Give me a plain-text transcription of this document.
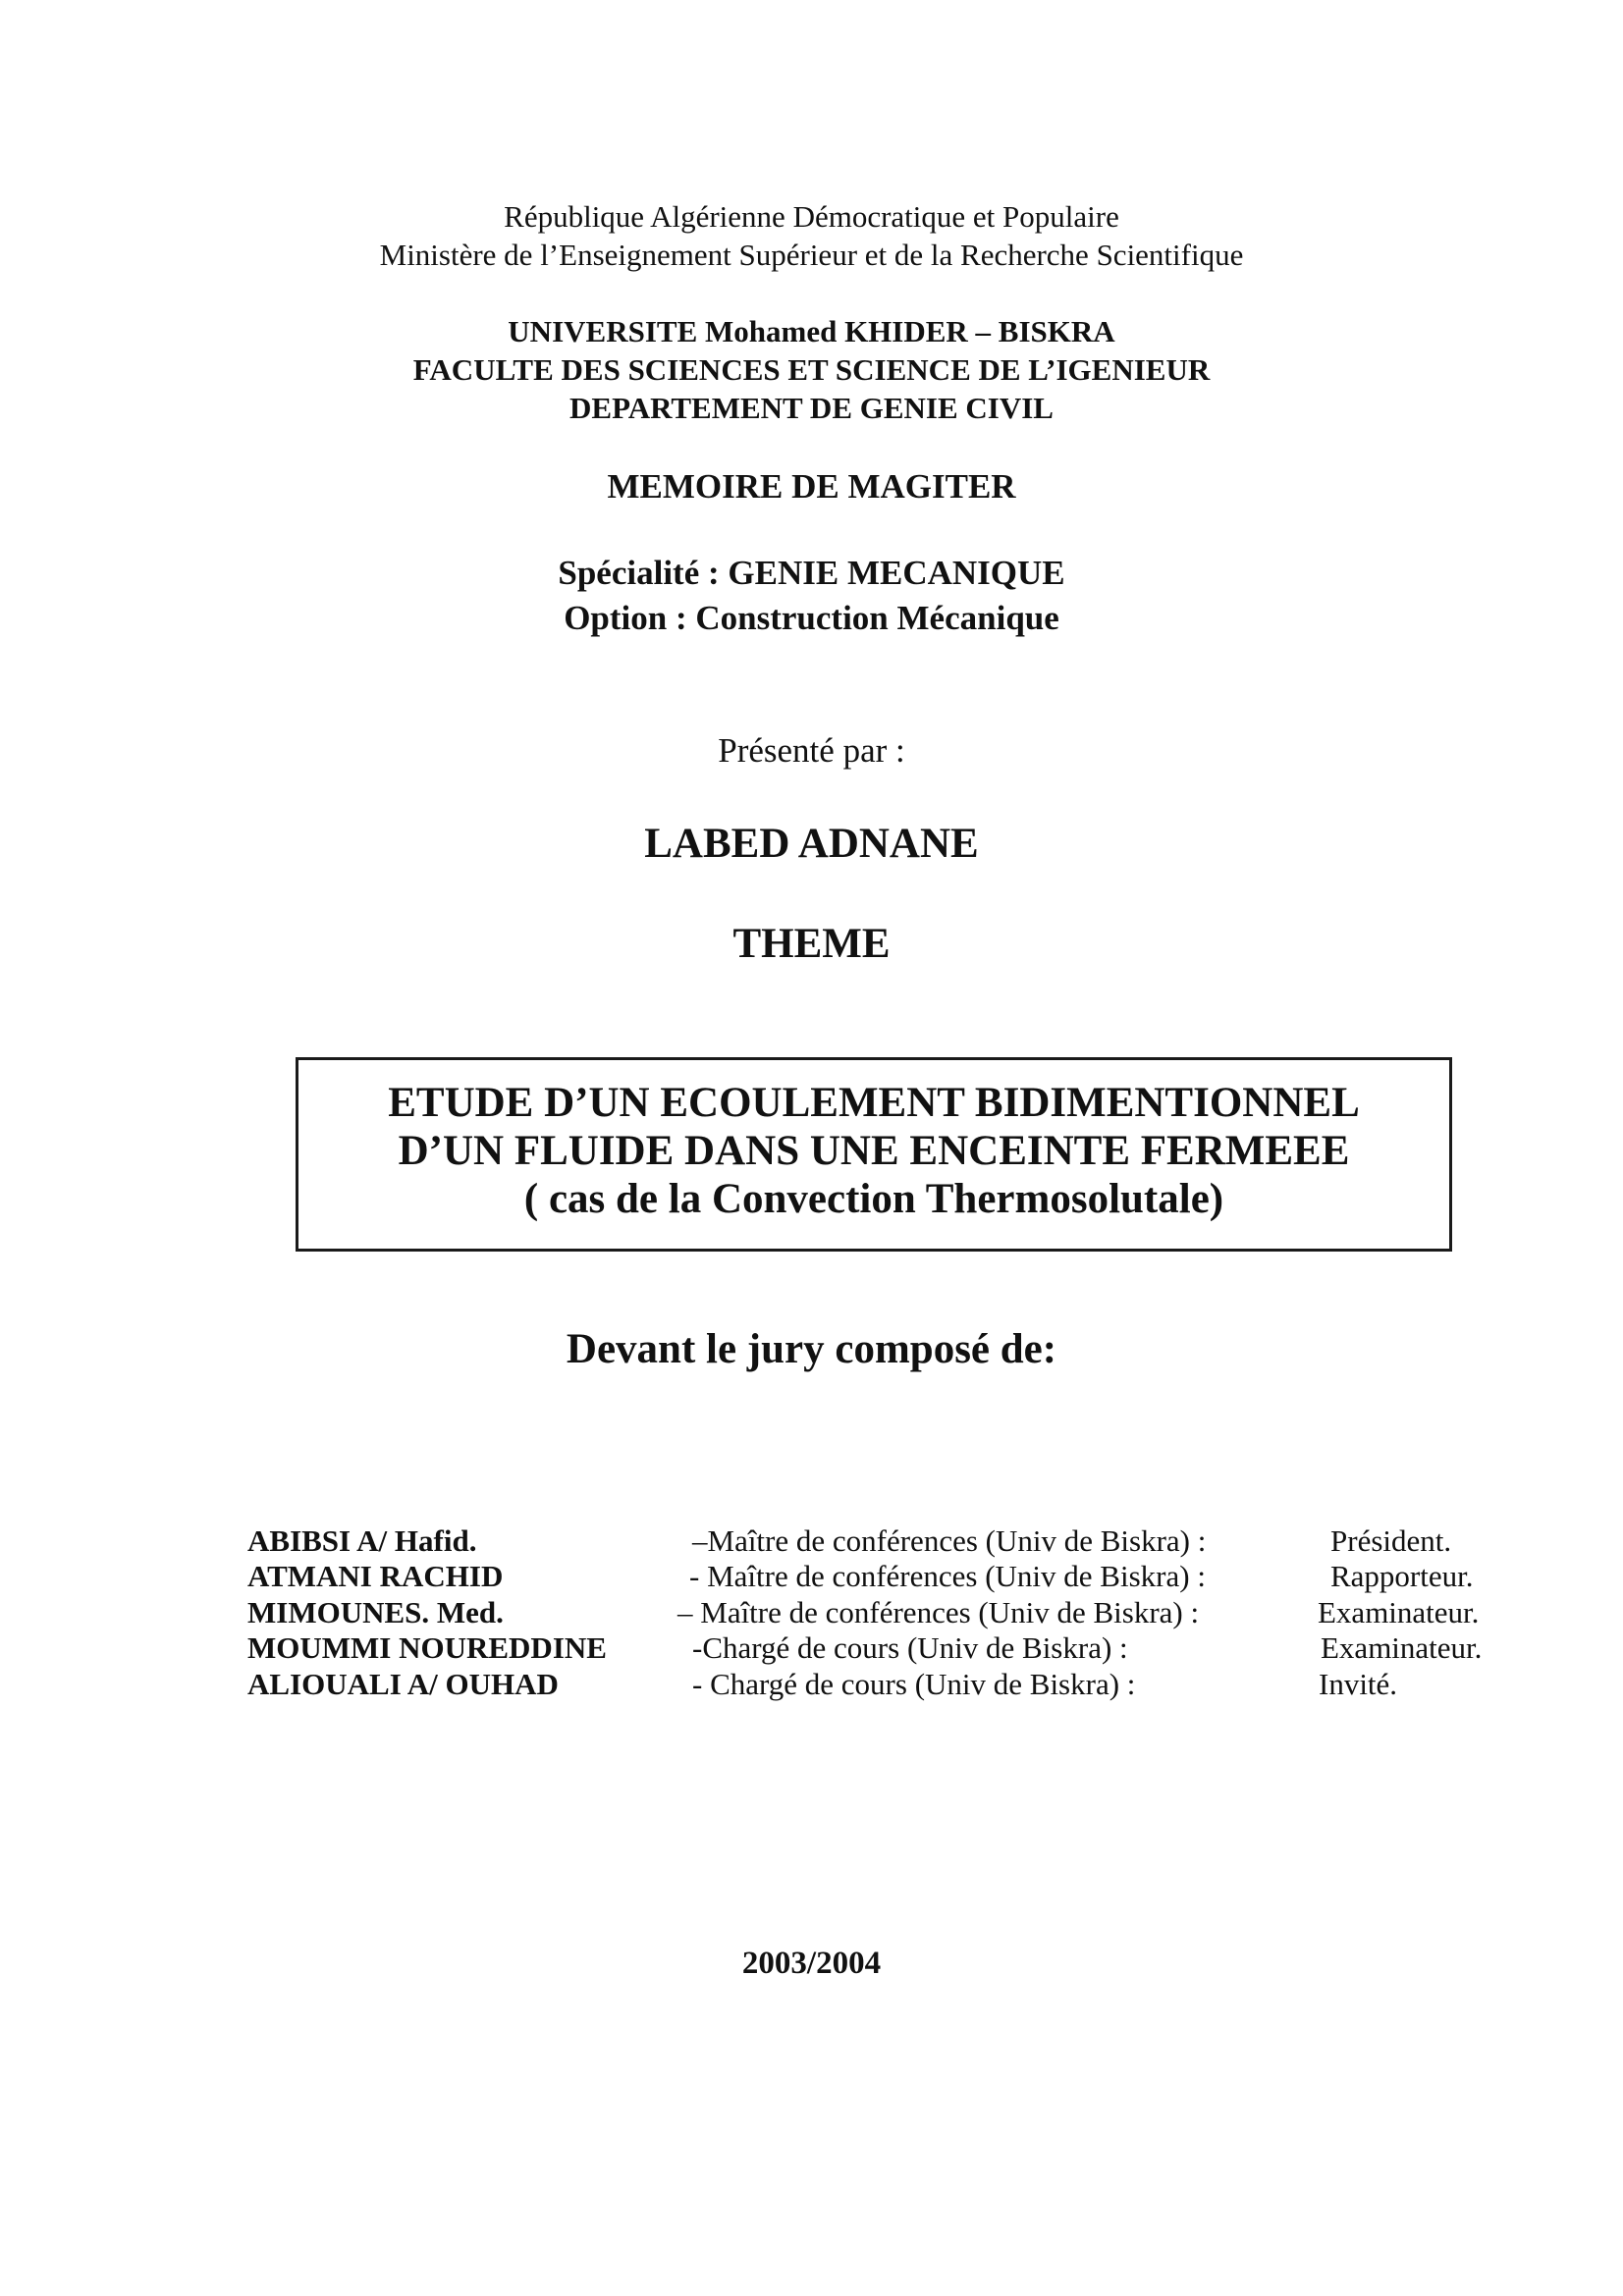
République Algérienne Démocratique et Populaire
Ministère de l’Enseignement Supérieur et de la Recherche Scientifique
UNIVERSITE Mohamed KHIDER – BISKRA
FACULTE DES SCIENCES ET SCIENCE DE L’IGENIEUR
DEPARTEMENT DE GENIE CIVIL
MEMOIRE DE MAGITER
Spécialité : GENIE MECANIQUE
Option : Construction Mécanique
Présenté par :
LABED ADNANE
THEME
ETUDE D’UN ECOULEMENT BIDIMENTIONNEL
D’UN FLUIDE DANS UNE ENCEINTE FERMEEE
( cas de la Convection Thermosolutale)
Devant le jury composé de:
ABIBSI A/ Hafid.	–Maître de conférences (Univ de Biskra) :	Président.
ATMANI RACHID	- Maître de conférences (Univ de Biskra) :	Rapporteur.
MIMOUNES. Med.	– Maître de conférences (Univ de Biskra) :	Examinateur.
MOUMMI NOUREDDINE	-Chargé de cours (Univ de Biskra) :	Examinateur.
ALIOUALI A/ OUHAD	- Chargé de cours (Univ de Biskra) :	Invité.
2003/2004
